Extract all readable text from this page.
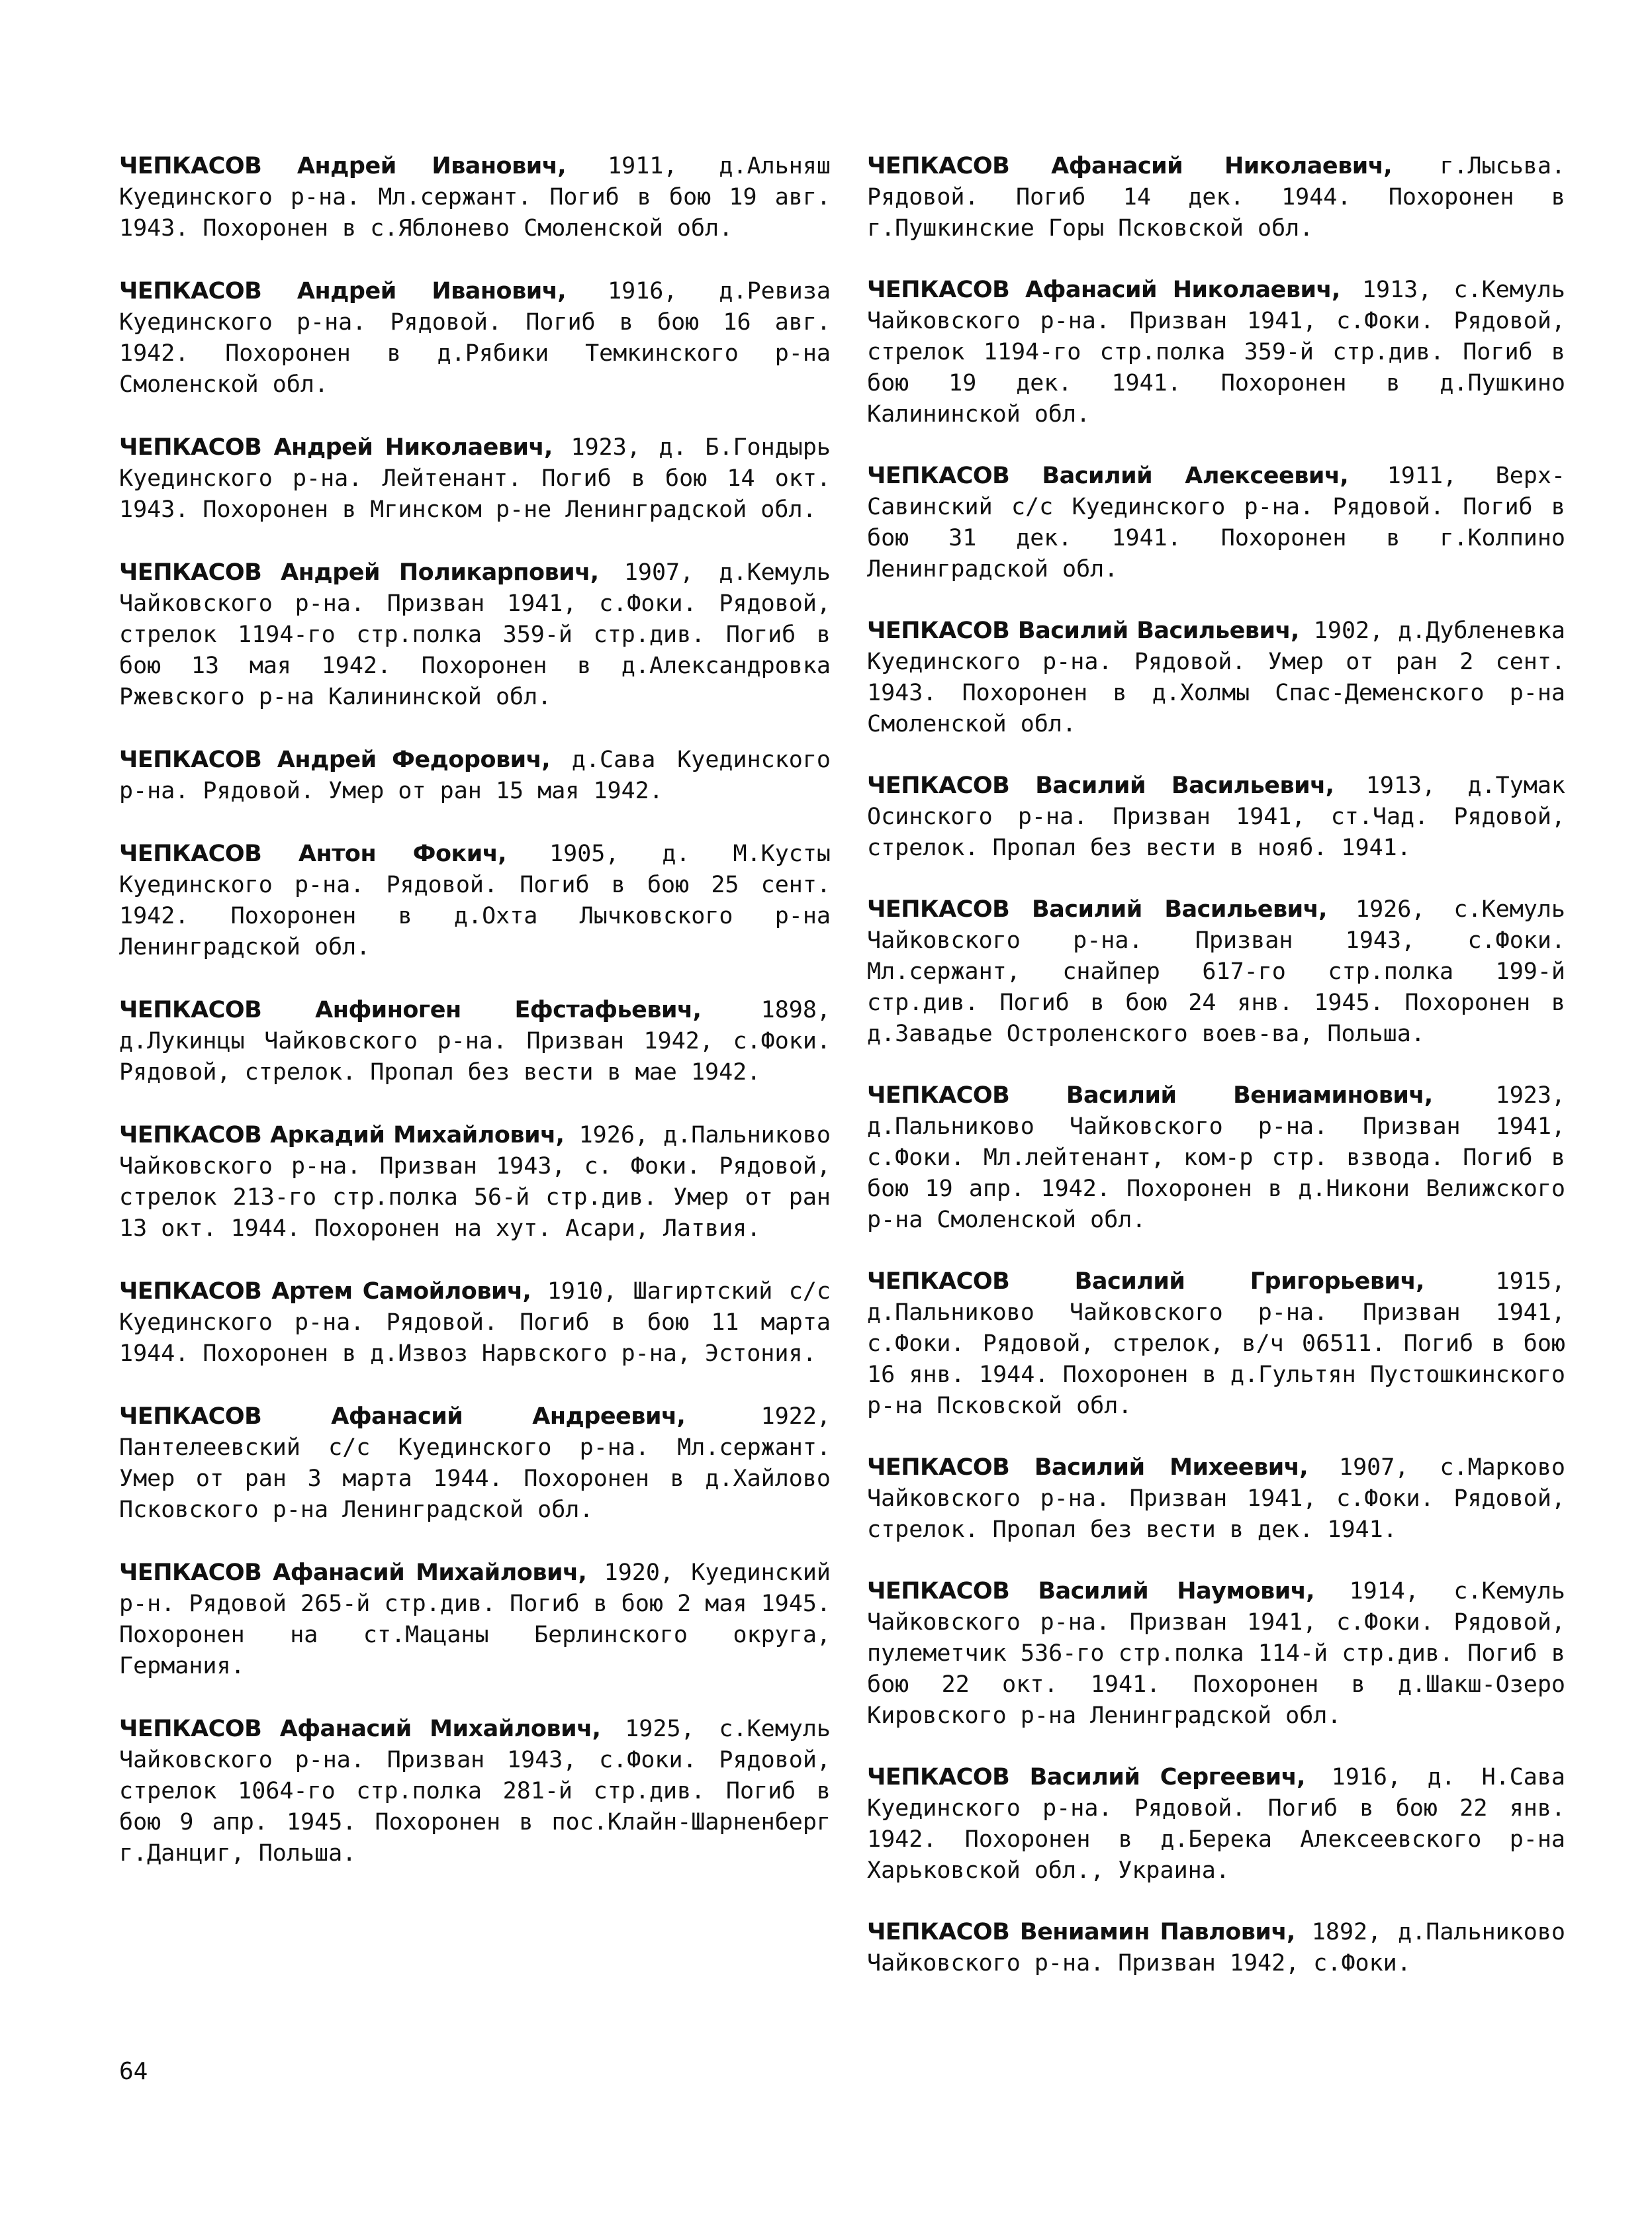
ЧЕПКАСОВ Андрей Иванович, 1911, д.Альняш Куединского р-на. Мл.сержант. Погиб в бою 19 авг. 1943. Похоронен в с.Яблонево Смоленской обл.

ЧЕПКАСОВ Андрей Иванович, 1916, д.Ревиза Куединского р-на. Рядовой. Погиб в бою 16 авг. 1942. Похоронен в д.Рябики Темкинского р-на Смоленской обл.

ЧЕПКАСОВ Андрей Николаевич, 1923, д. Б.Гондырь Куединского р-на. Лейтенант. Погиб в бою 14 окт. 1943. Похоронен в Мгинском р-не Ленинградской обл.

ЧЕПКАСОВ Андрей Поликарпович, 1907, д.Кемуль Чайковского р-на. Призван 1941, с.Фоки. Рядовой, стрелок 1194-го стр.полка 359-й стр.див. Погиб в бою 13 мая 1942. Похоронен в д.Александровка Ржевского р-на Калининской обл.

ЧЕПКАСОВ Андрей Федорович, д.Сава Куединского р-на. Рядовой. Умер от ран 15 мая 1942.

ЧЕПКАСОВ Антон Фокич, 1905, д. М.Кусты Куединского р-на. Рядовой. Погиб в бою 25 сент. 1942. Похоронен в д.Охта Лычковского р-на Ленинградской обл.

ЧЕПКАСОВ Анфиноген Ефстафьевич,	1898, д.Лукинцы Чайковского р-на. Призван 1942, с.Фоки. Рядовой, стрелок. Пропал без вести в мае 1942.

ЧЕПКАСОВ Аркадий Михайлович, 1926, д.Пальниково Чайковского р-на. Призван 1943, с. Фоки. Рядовой, стрелок 213-го стр.полка 56-й стр.див. Умер от ран 13 окт. 1944. Похоронен на хут. Асари, Латвия.

ЧЕПКАСОВ Артем Самойлович, 1910, Шагиртский с/с Куединского р-на. Рядовой. Погиб в бою 11 марта 1944. Похоронен в д.Извоз Нарвского р-на, Эстония.

ЧЕПКАСОВ Афанасий Андреевич,	1922, Пантелеевский с/с Куединского р-на. Мл.сержант. Умер от ран 3 марта 1944. Похоронен в д.Хайлово Псковского р-на Ленинградской обл.

ЧЕПКАСОВ Афанасий Михайлович, 1920, Куединский р-н. Рядовой 265-й стр.див. Погиб в бою 2 мая 1945. Похоронен на ст.Мацаны Берлинского округа, Германия.

ЧЕПКАСОВ Афанасий Михайлович, 1925, с.Кемуль Чайковского р-на. Призван 1943, с.Фоки. Рядовой, стрелок 1064-го стр.полка 281-й стр.див. Погиб в бою 9 апр. 1945. Похоронен в пос.Клайн-Шарненберг г.Данциг, Польша.

ЧЕПКАСОВ Афанасий Николаевич, г.Лысьва. Рядовой. Погиб 14 дек. 1944. Похоронен в г.Пушкинские Горы Псковской обл.

ЧЕПКАСОВ Афанасий Николаевич, 1913, с.Кемуль Чайковского р-на. Призван 1941, с.Фоки. Рядовой, стрелок 1194-го стр.полка 359-й стр.див. Погиб в бою 19 дек. 1941. Похоронен в д.Пушкино Калининской обл.

ЧЕПКАСОВ Василий Алексеевич, 1911, Верх-Савинский с/с Куединского р-на. Рядовой. Погиб в бою 31 дек. 1941. Похоронен в г.Колпино Ленинградской обл.

ЧЕПКАСОВ Василий Васильевич, 1902, д.Дубленевка Куединского р-на. Рядовой. Умер от ран 2 сент. 1943. Похоронен в д.Холмы Спас-Деменского р-на Смоленской обл.

ЧЕПКАСОВ Василий Васильевич, 1913, д.Тумак Осинского р-на. Призван 1941, ст.Чад. Рядовой, стрелок. Пропал без вести в нояб. 1941.

ЧЕПКАСОВ Василий Васильевич, 1926, с.Кемуль Чайковского р-на. Призван 1943, с.Фоки. Мл.сержант, снайпер 617-го стр.полка 199-й стр.див. Погиб в бою 24 янв. 1945. Похоронен в д.Завадье Остроленского воев-ва, Польша.

ЧЕПКАСОВ Василий Вениаминович,	1923, д.Пальниково Чайковского р-на. Призван 1941, с.Фоки. Мл.лейтенант, ком-р стр. взвода. Погиб в бою 19 апр. 1942. Похоронен в д.Никони Велижского р-на Смоленской обл.

ЧЕПКАСОВ Василий Григорьевич,	1915, д.Пальниково Чайковского р-на. Призван 1941, с.Фоки. Рядовой, стрелок, в/ч 06511. Погиб в бою 16 янв. 1944. Похоронен в д.Гультян Пустошкинского р-на Псковской обл.

ЧЕПКАСОВ Василий Михеевич, 1907, с.Марково Чайковского р-на. Призван 1941, с.Фоки. Рядовой, стрелок. Пропал без вести в дек. 1941.

ЧЕПКАСОВ Василий Наумович, 1914, с.Кемуль Чайковского р-на. Призван 1941, с.Фоки. Рядовой, пулеметчик 536-го стр.полка 114-й стр.див. Погиб в бою 22 окт. 1941. Похоронен в д.Шакш-Озеро Кировского р-на Ленинградской обл.

ЧЕПКАСОВ Василий Сергеевич, 1916, д. Н.Сава Куединского р-на. Рядовой. Погиб в бою 22 янв. 1942. Похоронен в д.Берека Алексеевского р-на Харьковской обл., Украина.

ЧЕПКАСОВ Вениамин Павлович, 1892, д.Пальниково Чайковского р-на. Призван 1942, с.Фоки.

64
